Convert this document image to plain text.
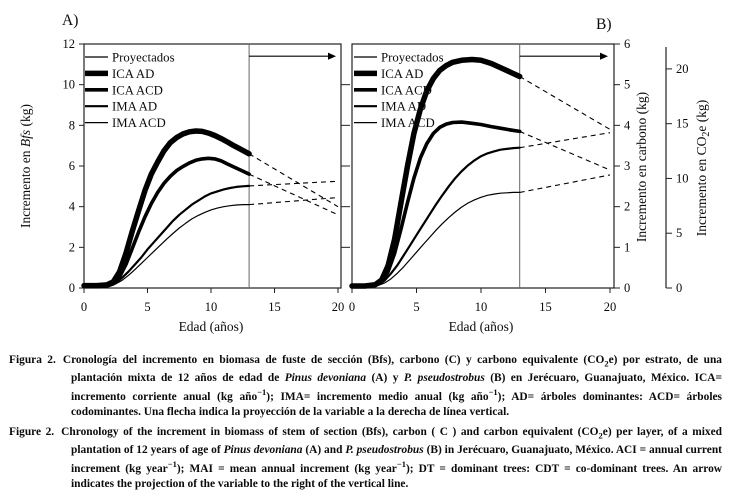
0	5	10	15	20
Edad (años)
0
2
4
6
8
10
12
Incremento en Bfs (kg)
A)
Proyectados
ICA AD
ICA ACD
IMA AD
IMA ACD
0	5	10	15	20
Edad (años)
0
1
2
3
4
5
6
Incremento en carbono (kg)
0
5
10
15
20
Incremento en $CO_2e$ (kg)
B)
Proyectados
ICA AD
ICA ACD
IMA AD
IMA ACD

Figura 2. Cronología del incremento en biomasa de fuste de sección (Bfs), carbono (C) y carbono equivalente $(CO_2e)$ por estrato, de una plantación mixta de 12 años de edad de Pinus devoniana (A) y P. pseudostrobus (B) en Jerécuaro, Guanajuato, México. ICA= incremento corriente anual (kg año$^{-1}$); IMA= incremento medio anual (kg año$^{-1}$); AD= árboles dominantes: ACD= árboles codominantes. Una flecha indica la proyección de la variable a la derecha de línea vertical.

Figure 2. Chronology of the increment in biomass of stem of section (Bfs), carbon ( C ) and carbon equivalent $(CO_2e)$ per layer, of a mixed plantation of 12 years of age of Pinus devoniana (A) and P. pseudostrobus (B) in Jerécuaro, Guanajuato, México. ACI = annual current increment (kg year$^{-1}$); MAI = mean annual increment (kg year$^{-1}$); DT = dominant trees: CDT = co-dominant trees. An arrow indicates the projection of the variable to the right of the vertical line.
